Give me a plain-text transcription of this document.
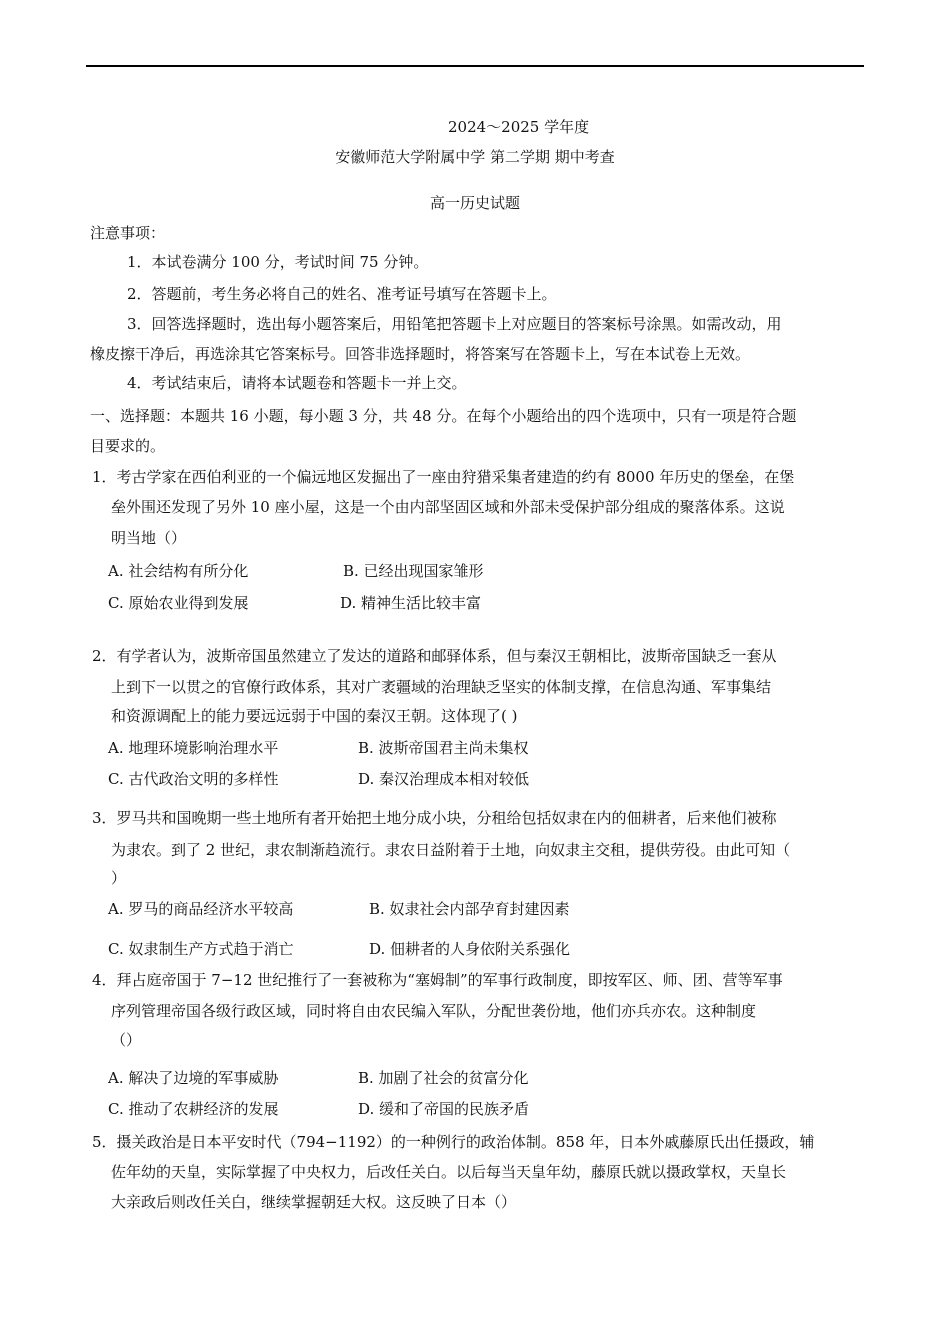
2024～2025 学年度
安徽师范大学附属中学 第二学期 期中考查
高一历史试题
注意事项：
1．本试卷满分 100 分，考试时间 75 分钟。
2．答题前，考生务必将自己的姓名、准考证号填写在答题卡上。
3．回答选择题时，选出每小题答案后，用铅笔把答题卡上对应题目的答案标号涂黑。如需改动，用
橡皮擦干净后，再选涂其它答案标号。回答非选择题时，将答案写在答题卡上，写在本试卷上无效。
4．考试结束后，请将本试题卷和答题卡一并上交。
一、选择题：本题共 16 小题，每小题 3 分，共 48 分。在每个小题给出的四个选项中，只有一项是符合题
目要求的。
1．考古学家在西伯利亚的一个偏远地区发掘出了一座由狩猎采集者建造的约有 8000 年历史的堡垒，在堡
垒外围还发现了另外 10 座小屋，这是一个由内部坚固区域和外部未受保护部分组成的聚落体系。这说
明当地（）
A. 社会结构有所分化	B. 已经出现国家雏形
C. 原始农业得到发展	D. 精神生活比较丰富
2．有学者认为，波斯帝国虽然建立了发达的道路和邮驿体系，但与秦汉王朝相比，波斯帝国缺乏一套从
上到下一以贯之的官僚行政体系，其对广袤疆域的治理缺乏坚实的体制支撑，在信息沟通、军事集结
和资源调配上的能力要远远弱于中国的秦汉王朝。这体现了( )
A. 地理环境影响治理水平	B. 波斯帝国君主尚未集权
C. 古代政治文明的多样性	D. 秦汉治理成本相对较低
3．罗马共和国晚期一些土地所有者开始把土地分成小块，分租给包括奴隶在内的佃耕者，后来他们被称
为隶农。到了 2 世纪，隶农制渐趋流行。隶农日益附着于土地，向奴隶主交租，提供劳役。由此可知（
）
A. 罗马的商品经济水平较高	B. 奴隶社会内部孕育封建因素
C. 奴隶制生产方式趋于消亡	D. 佃耕者的人身依附关系强化
4．拜占庭帝国于 7−12 世纪推行了一套被称为“塞姆制”的军事行政制度，即按军区、师、团、营等军事
序列管理帝国各级行政区域，同时将自由农民编入军队，分配世袭份地，他们亦兵亦农。这种制度
（）
A. 解决了边境的军事威胁	B. 加剧了社会的贫富分化
C. 推动了农耕经济的发展	D. 缓和了帝国的民族矛盾
5．摄关政治是日本平安时代（794−1192）的一种例行的政治体制。858 年，日本外戚藤原氏出任摄政，辅
佐年幼的天皇，实际掌握了中央权力，后改任关白。以后每当天皇年幼，藤原氏就以摄政掌权，天皇长
大亲政后则改任关白，继续掌握朝廷大权。这反映了日本（）
